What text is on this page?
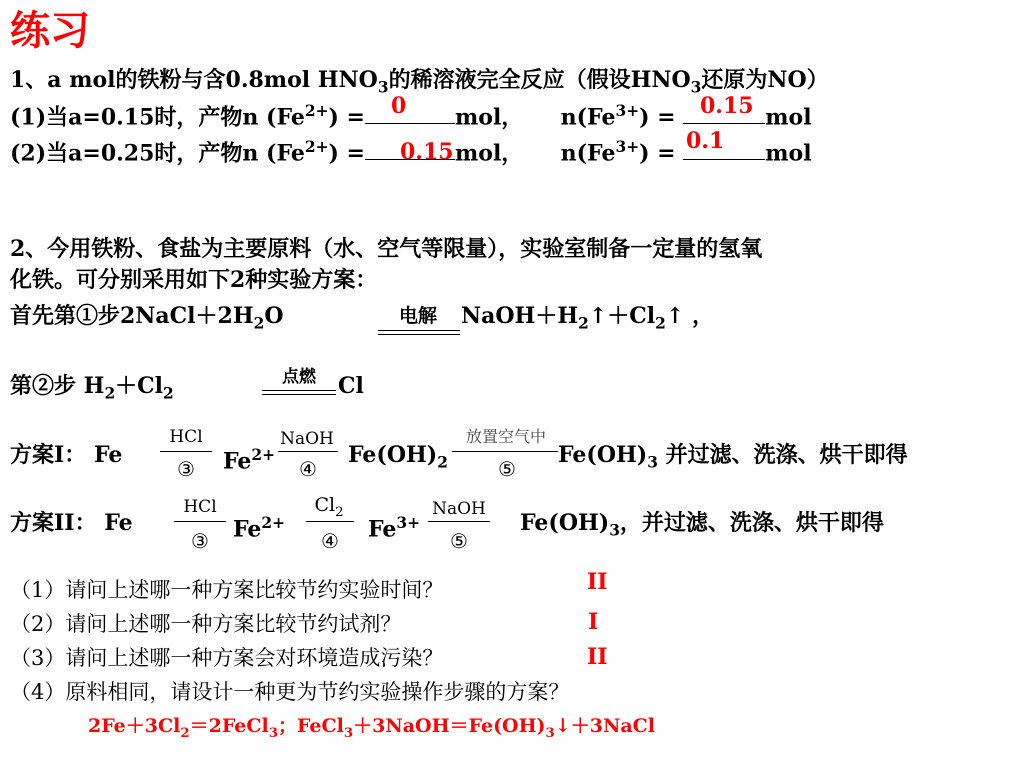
练习
1、a mol的铁粉与含0.8mol $HNO_3$的稀溶液完全反应（假设$HNO_3$还原为NO）
(1)当a=0.15时，产物n $(Fe^{2+})$ =	mol， $n(Fe^{3+})$ =	mol
0	0.15
(2)当a=0.25时，产物n $(Fe^{2+})$ =	mol， $n(Fe^{3+})$ =	mol
0.15	0.1
2、今用铁粉、食盐为主要原料（水、空气等限量），实验室制备一定量的氢氧
化铁。可分别采用如下2种实验方案：
首先第①步$2NaCl+2H_2O$	电解 $NaOH+H_2↑+Cl_2↑$ ，
第②步 $H_2+Cl_2$
点燃 Cl
方案I： Fe
HCl
③	$Fe^{2+}$
NaOH
④
$Fe(OH)_2$
放置空气中
⑤
$Fe(OH)_3$ 并过滤、洗涤、烘干即得
方案II： Fe
HCl
③	$Fe^{2+}$
$Cl_2$
④	$Fe^{3+}$
NaOH
⑤
$Fe(OH)_3$，并过滤、洗涤、烘干即得
（1）请问上述哪一种方案比较节约实验时间？	II
（2）请问上述哪一种方案比较节约试剂？	I
（3）请问上述哪一种方案会对环境造成污染？	II
（4）原料相同，请设计一种更为节约实验操作步骤的方案？
$2Fe+3Cl_2=2FeCl_3$；$FeCl_3+3NaOH=Fe(OH)_3↓+3NaCl$
